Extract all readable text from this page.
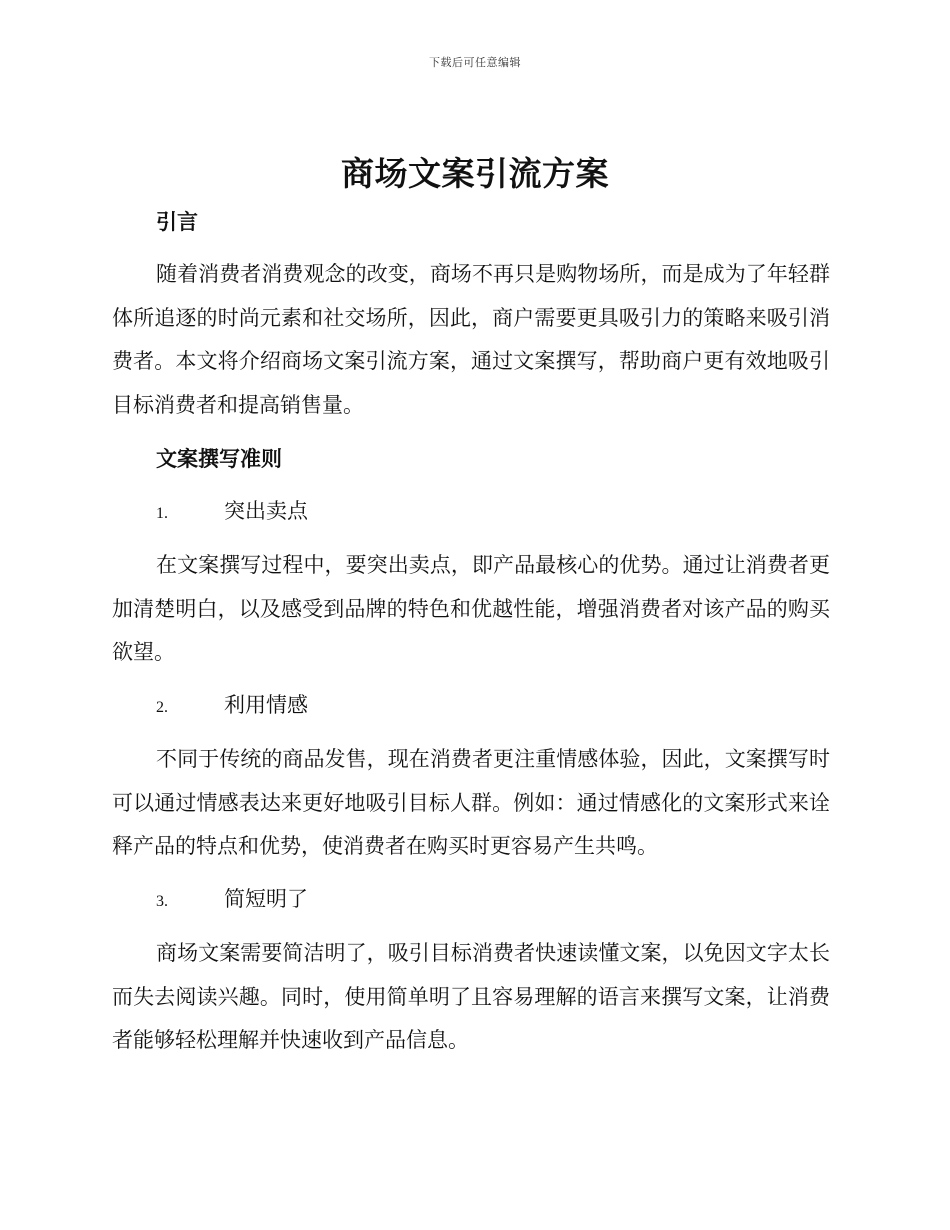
下载后可任意编辑
商场文案引流方案
引言

随着消费者消费观念的改变，商场不再只是购物场所，而是成为了年轻群体所追逐的时尚元素和社交场所，因此，商户需要更具吸引力的策略来吸引消费者。本文将介绍商场文案引流方案，通过文案撰写，帮助商户更有效地吸引目标消费者和提高销售量。

文案撰写准则
1.	突出卖点

在文案撰写过程中，要突出卖点，即产品最核心的优势。通过让消费者更加清楚明白，以及感受到品牌的特色和优越性能，增强消费者对该产品的购买欲望。

2.	利用情感

不同于传统的商品发售，现在消费者更注重情感体验，因此，文案撰写时可以通过情感表达来更好地吸引目标人群。例如：通过情感化的文案形式来诠释产品的特点和优势，使消费者在购买时更容易产生共鸣。

3.	简短明了

商场文案需要简洁明了，吸引目标消费者快速读懂文案，以免因文字太长而失去阅读兴趣。同时，使用简单明了且容易理解的语言来撰写文案，让消费者能够轻松理解并快速收到产品信息。
